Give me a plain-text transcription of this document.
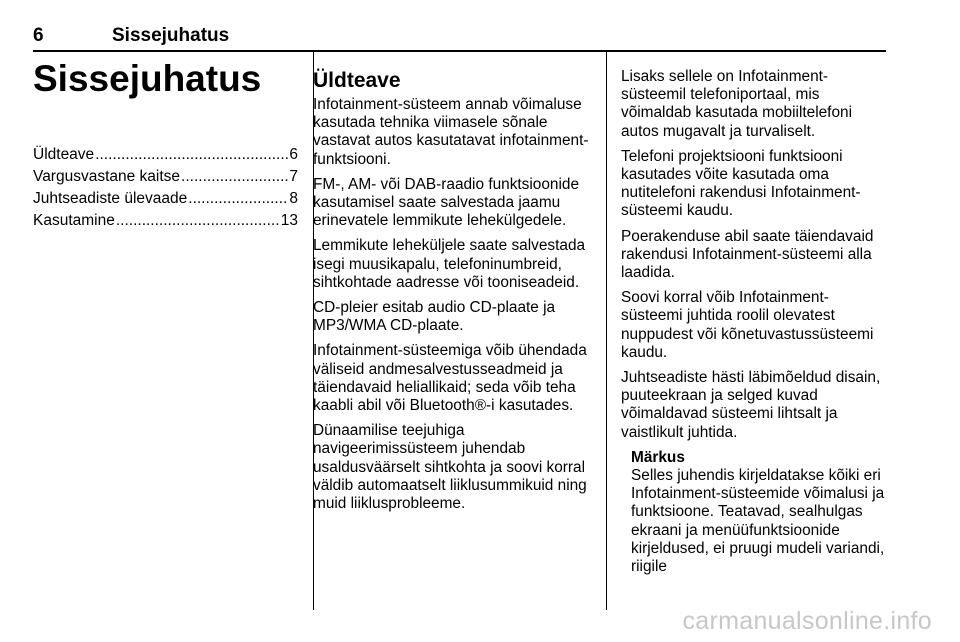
6	Sissejuhatus
Sissejuhatus
Üldteave .....	6
Vargusvastane kaitse .....	7
Juhtseadiste ülevaade .....	8
Kasutamine .....	13
Üldteave

Infotainment-süsteem annab võimaluse kasutada tehnika viimasele sõnale vastavat autos kasutatavat infotainment-funktsiooni.

FM-, AM- või DAB-raadio funktsioonide kasutamisel saate salvestada jaamu erinevatele lemmikute lehekülgedele.

Lemmikute leheküljele saate salvestada isegi muusikapalu, telefoninumbreid, sihtkohtade aadresse või tooniseadeid.

CD-pleier esitab audio CD-plaate ja MP3/WMA CD-plaate.

Infotainment-süsteemiga võib ühendada väliseid andmesalvestusseadmeid ja täiendavaid heliallikaid; seda võib teha kaabli abil või Bluetooth®-i kasutades.

Dünaamilise teejuhiga navigeerimissüsteem juhendab usaldusväärselt sihtkohta ja soovi korral väldib automaatselt liiklusummikuid ning muid liiklusprobleeme.

Lisaks sellele on Infotainment-süsteemil telefoniportaal, mis võimaldab kasutada mobiiltelefoni autos mugavalt ja turvaliselt.

Telefoni projektsiooni funktsiooni kasutades võite kasutada oma nutitelefoni rakendusi Infotainment-süsteemi kaudu.

Poerakenduse abil saate täiendavaid rakendusi Infotainment-süsteemi alla laadida.

Soovi korral võib Infotainment-süsteemi juhtida roolil olevatest nuppudest või kõnetuvastussüsteemi kaudu.

Juhtseadiste hästi läbimõeldud disain, puuteekraan ja selged kuvad võimaldavad süsteemi lihtsalt ja vaistlikult juhtida.

Märkus

Selles juhendis kirjeldatakse kõiki eri Infotainment-süsteemide võimalusi ja funktsioone. Teatavad, sealhulgas ekraani ja menüüfunktsioonide kirjeldused, ei pruugi mudeli variandi, riigile

carmanualsonline.info
